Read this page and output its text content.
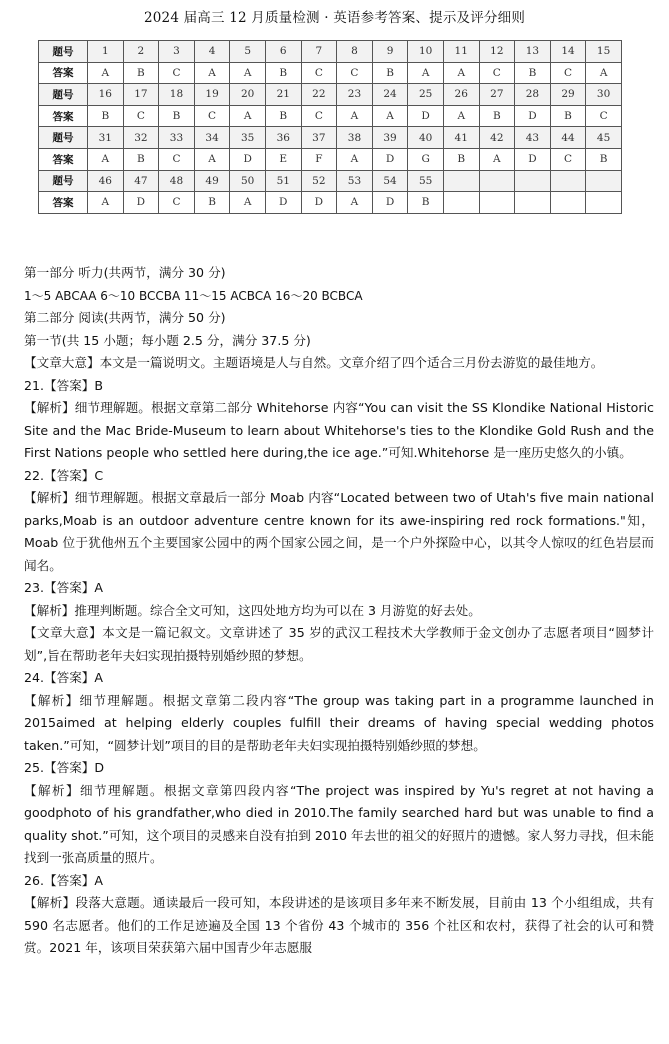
2024 届高三 12 月质量检测 · 英语参考答案、提示及评分细则
题号	1	2	3	4	5	6	7	8	9	10	11	12	13	14	15
答案	A	B	C	A	A	B	C	C	B	A	A	C	B	C	A
题号	16	17	18	19	20	21	22	23	24	25	26	27	28	29	30
答案	B	C	B	C	A	B	C	A	A	D	A	B	D	B	C
题号	31	32	33	34	35	36	37	38	39	40	41	42	43	44	45
答案	A	B	C	A	D	E	F	A	D	G	B	A	D	C	B
题号	46	47	48	49	50	51	52	53	54	55					
答案	A	D	C	B	A	D	D	A	D	B					

第一部分 听力(共两节，满分 30 分)

1～5 ABCAA 6～10 BCCBA 11～15 ACBCA 16～20 BCBCA

第二部分 阅读(共两节，满分 50 分)

第一节(共 15 小题；每小题 2.5 分，满分 37.5 分)

【文章大意】本文是一篇说明文。主题语境是人与自然。文章介绍了四个适合三月份去游览的最佳地方。

21.【答案】B

【解析】细节理解题。根据文章第二部分 Whitehorse 内容“You can visit the SS Klondike National Historic Site and the Mac Bride-Museum to learn about Whitehorse's ties to the Klondike Gold Rush and the First Nations people who settled here during,the ice age.”可知.Whitehorse 是一座历史悠久的小镇。

22.【答案】C

【解析】细节理解题。根据文章最后一部分 Moab 内容“Located between two of Utah's five main national parks,Moab is an outdoor adventure centre known for its awe-inspiring red rock formations."知，Moab 位于犹他州五个主要国家公园中的两个国家公园之间，是一个户外探险中心，以其令人惊叹的红色岩层而闻名。

23.【答案】A

【解析】推理判断题。综合全文可知，这四处地方均为可以在 3 月游览的好去处。

【文章大意】本文是一篇记叙文。文章讲述了 35 岁的武汉工程技术大学教师于金文创办了志愿者项目“圆梦计划”,旨在帮助老年夫妇实现拍摄特别婚纱照的梦想。

24.【答案】A

【解析】细节理解题。根据文章第二段内容“The group was taking part in a programme launched in 2015aimed at helping elderly couples fulfill their dreams of having special wedding photos taken.”可知，“圆梦计划”项目的目的是帮助老年夫妇实现拍摄特别婚纱照的梦想。

25.【答案】D

【解析】细节理解题。根据文章第四段内容“The project was inspired by Yu's regret at not having a goodphoto of his grandfather,who died in 2010.The family searched hard but was unable to find a quality shot.”可知，这个项目的灵感来自没有拍到 2010 年去世的祖父的好照片的遗憾。家人努力寻找，但未能找到一张高质量的照片。

26.【答案】A

【解析】段落大意题。通读最后一段可知，本段讲述的是该项目多年来不断发展，目前由 13 个小组组成，共有 590 名志愿者。他们的工作足迹遍及全国 13 个省份 43 个城市的 356 个社区和农村，获得了社会的认可和赞赏。2021 年，该项目荣获第六届中国青少年志愿服
